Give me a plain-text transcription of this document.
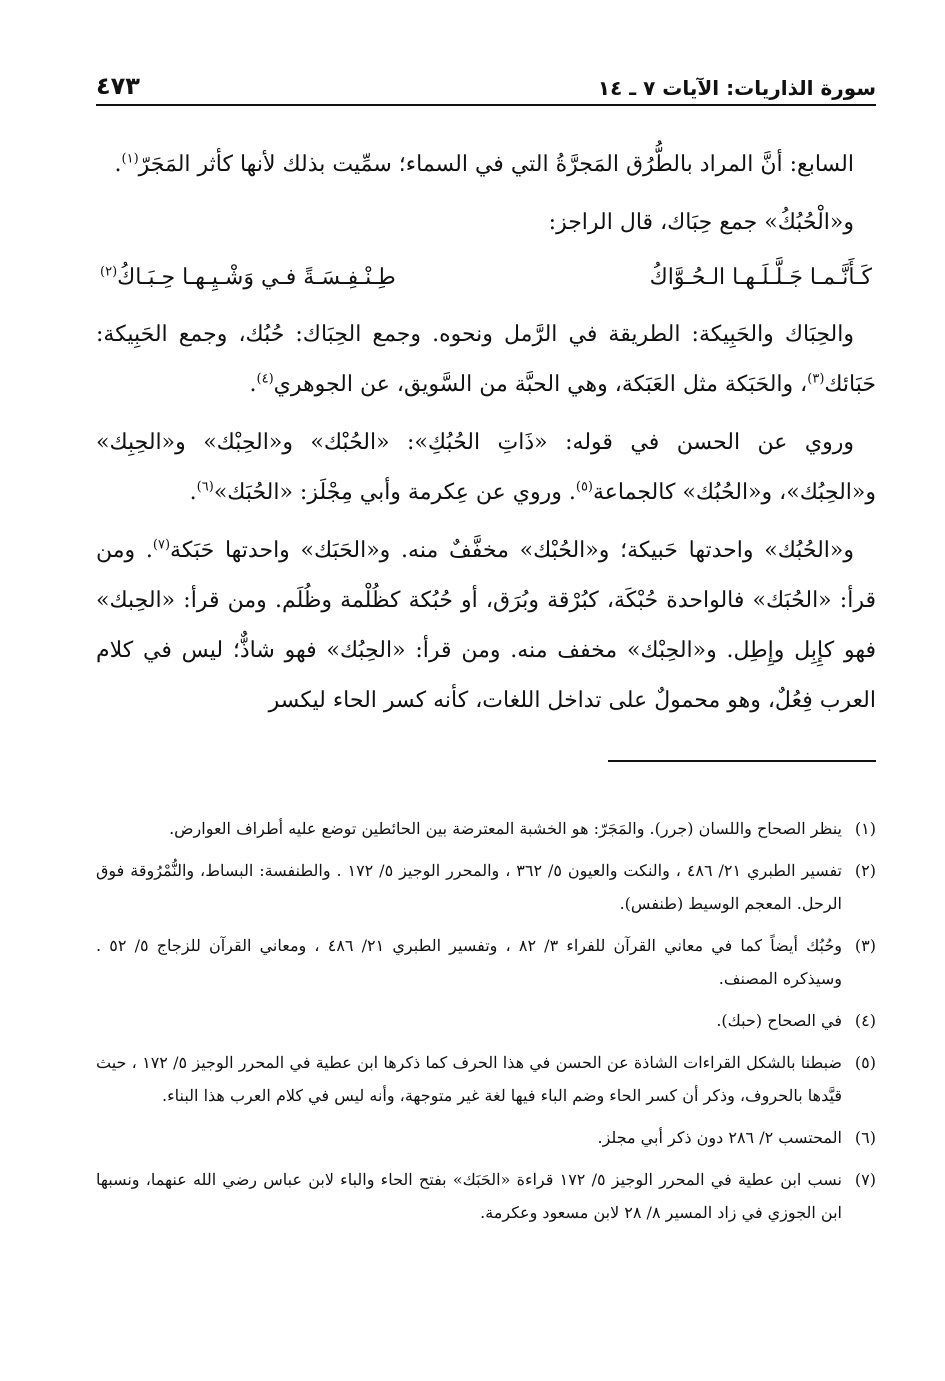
سورة الذاريات: الآيات ٧ ـ ١٤
٤٧٣

السابع: أنَّ المراد بالطُّرُق المَجرَّةُ التي في السماء؛ سمِّيت بذلك لأنها كأثر المَجَرّ$^{(١)}$.

و«الْحُبُكُ» جمع حِبَاك، قال الراجز:

كَـأَنَّـمـا جَـلَّـلَـهـا الـحُـوَّاكُ
طِـنْـفِـسَـةً فـي وَشْـيِـهـا حِـبَـاكُ$^{(٢)}$

والحِبَاك والحَبِيكة: الطريقة في الرَّمل ونحوه. وجمع الحِبَاك: حُبُك، وجمع الحَبِيكة: حَبَائك$^{(٣)}$، والحَبَكة مثل العَبَكة، وهي الحبَّة من السَّويق، عن الجوهري$^{(٤)}$.

وروي عن الحسن في قوله: «ذَاتِ الحُبُكِ»: «الحُبْك» و«الحِبْك» و«الحِبِك» و«الحِبُك»، و«الحُبُك» كالجماعة$^{(٥)}$. وروي عن عِكرمة وأبي مِجْلَز: «الحُبَك»$^{(٦)}$.

و«الحُبُك» واحدتها حَبيكة؛ و«الحُبْك» مخفَّفٌ منه. و«الحَبَك» واحدتها حَبَكة$^{(٧)}$. ومن قرأ: «الحُبَك» فالواحدة حُبْكَة، كبُرْقة وبُرَق، أو حُبُكة كظُلْمة وظُلَم. ومن قرأ: «الحِبك» فهو كإِبِل وإِطِل. و«الحِبْك» مخفف منه. ومن قرأ: «الحِبُك» فهو شاذٌّ؛ ليس في كلام العرب فِعُلٌ، وهو محمولٌ على تداخل اللغات، كأنه كسر الحاء ليكسر

(١)
ينظر الصحاح واللسان (جرر). والمَجَرّ: هو الخشبة المعترضة بين الحائطين توضع عليه أطراف العوارض.
(٢)
تفسير الطبري ٢١/ ٤٨٦ ، والنكت والعيون ٥/ ٣٦٢ ، والمحرر الوجيز ٥/ ١٧٢ . والطنفسة: البساط، والنُّمْرُوقة فوق الرحل. المعجم الوسيط (طنفس).
(٣)
وحُبُك أيضاً كما في معاني القرآن للفراء ٣/ ٨٢ ، وتفسير الطبري ٢١/ ٤٨٦ ، ومعاني القرآن للزجاج ٥/ ٥٢ . وسيذكره المصنف.
(٤)
في الصحاح (حبك).
(٥)
ضبطنا بالشكل القراءات الشاذة عن الحسن في هذا الحرف كما ذكرها ابن عطية في المحرر الوجيز ٥/ ١٧٢ ، حيث قيَّدها بالحروف، وذكر أن كسر الحاء وضم الباء فيها لغة غير متوجهة، وأنه ليس في كلام العرب هذا البناء.
(٦)
المحتسب ٢/ ٢٨٦ دون ذكر أبي مجلز.
(٧)
نسب ابن عطية في المحرر الوجيز ٥/ ١٧٢ قراءة «الحَبَك» بفتح الحاء والباء لابن عباس رضي الله عنهما، ونسبها ابن الجوزي في زاد المسير ٨/ ٢٨ لابن مسعود وعكرمة.
